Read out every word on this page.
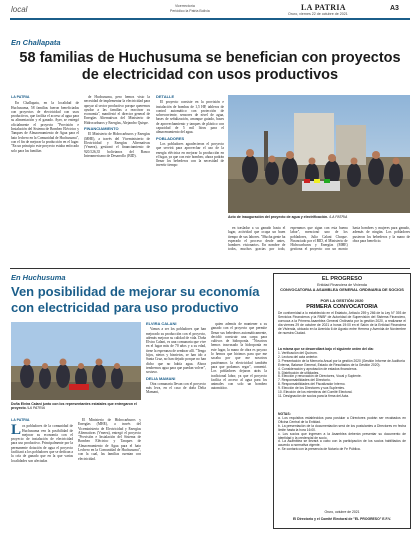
local	Vicerrectoría
Periódico la Patria Bolivia	LA PATRIA
Oruro, viernes 22 de octubre de 2021
A3
En Challapata
58 familias de Huchusuma se benefician con proyectos de electricidad con usos productivos
LA PATRIA

En Challapata, en la localidad de Huchusuma, 58 familias fueron beneficiadas con proyectos de electricidad con usos productivos, que facilita el acceso al agua para su alimentación y el ganado. Ayer, se entregó oficialmente el proyecto "Provisión e Instalación del Sistema de Bombeo Eléctrico y Tanques de Almacenamiento de Agua para el hato lechero en la Comunidad de Huchusuma", con el fin de mejorar la producción en el lugar. "En un principio este proyecto estaba enfocado solo para las familias

de Huchusuma, pero hemos visto la necesidad de implementar la electricidad para apoyar al sector productivo porque queremos ayudar a las familias a reactivar su economía", manifestó el director general de Energías Alternativas del Ministerio de Hidrocarburos y Energías, Alejandro Quispe.

FINANCIAMIENTO

El Ministerio de Hidrocarburos y Energías (MHE), a través del Viceministerio de Electricidad y Energías Alternativas (Vmeea), gestionó el financiamiento de 920.526,35 bolivianos del Banco Interamericano de Desarrollo (BID).

DETALLE

El proyecto consiste en la provisión e instalación de bombas de 1,5 HP, tableros de control automático con protección de sobrecorriente, sensores de nivel de agua, bases de señalización, arranque guiado, bases de aprovechamiento y tanques de plástico con capacidad de 5 mil litros para el almacenamiento del agua.

POBLADORES

Los pobladores agradecieron el proyecto que servirá para aprovechar el uso de la energía eléctrica en mejorar la producción en el lugar, ya que con este bombeo, ahora podrán llenar los bebederos con la necesidad de invertir tiempo

Acto de inauguración del proyecto de agua y electrificación. /LA PATRIA

en trasladar a su ganado hasta el lugar, actividad que ocupa un buen tiempo de sus labores. "Mucha gente ha esperado el proceso desde antes, hombres visionarios. En nombre de todos, muchos gracias por todo, esperamos que sigan con esta buena labor", mencionó uno de los pobladores, Julio Calani Choque. Financiado por el BID, el Ministerio de Hidrocarburos y Energías (MHE) gestiona el proyecto con un monto hasta hombres y mujeres para ganado, además de ningún. Los pobladores pusieron los bebederos y la mano de obra para beneficio.

En Huchusuma
Ven posibilidad de mejorar su economía con electricidad para uso productivo
Doña Elvira Calani junto con los representantes estatales que entregaron el proyecto /LA PATRIA
LA PATRIA
L os pobladores de la comunidad de Huchusuma ven la posibilidad de mejorar su economía con el proyecto de instalación de electricidad para uso productivo. Principalmente por la permanente dotación de agua el proyecto facilitará a los pobladores que se dedican a la cría de ganado que en la que varias localidades son afectadas

El Ministerio de Hidrocarburos y Energías (MHE), a través del Viceministerio de Electricidad y Energías Alternativas (Vmeea), entregó el proyecto "Provisión e Instalación del Sistema de Bombeo Eléctrico y Tanques de Almacenamiento de Agua para el hato Lechero en la Comunidad de Huchusuma", con la cual, las familias cuentan con electricidad.

ELVIRA CALANI

Vamos a ser los pobladores que han mejorado su producción con el proyecto, además mejorar su calidad de vida. Doña Elvira Calani, es una comunaria que vive en el lugar más de 70 años y a su edad, tiene la esperanza de sembrar allí. "Tengo hijos, nietos y bisnietos, se han ido a Santa Cruz, no han dejado porque no han dicho que no había agua. Ahora tendremos agua para que puedan volver", sostuvo.

DELIA MAMANI

Otra comunaria llevan con el proyecto más leva, en el caso de doña Delia Mamani,

quien además de mantener a su ganado con el proyecto que permite llenar sus bebederos automáticamente, decidió construir una carpa para cultivos de hidroponía. "Nosotros hemos trasvasado la hidroponía en este lugar, la mano de obra es poyoso lo hemos que hicimos para que me sacaba por que me nosotros pusiéramos la electricidad también para que podamos regar", comentó. Los pobladores dejaron atrás la tradicional labor, ya que el proyecto facilita el acceso al agua para los animales con solo un bombeo automático.

EL PROGRESO
Entidad Financiera de Vivienda
CONVOCATORIA A ASAMBLEA GENERAL ORDINARIA DE SOCIOS
POR LA GESTIÓN 2020
PRIMERA CONVOCATORIA
De conformidad a lo establecido en el Estatuto, Artículo 259 y 266 de la Ley N° 393 de Servicios Financieros y la RNBF de Autoridad de Supervisión del Sistema Financiero, convoca a la Primera Asamblea General Ordinaria por la gestión 2020, a realizarse el día viernes 29 de octubre de 2021 a horas 19:00 en el Salón de la Entidad Financiera de Vivienda, ubicado en la Avenida 6 de Agosto entre Herrera y Avenida de Noviembre de nuestra Ciudad.
La misma que se desarrollará bajo el siguiente orden del día:
1. Verificación del Quórum.
2. Lectura del acta anterior.
3. Presentación de la Memoria Anual por la gestión 2020 (Gestión Informe de Auditoría Externa, Balance General, Estado de Resultados de la Gestión 2020).
4. Consideración y aprobación de estados financieros.
5. Distribución de utilidades.
6. Elección y renovación de Directores, Vocal y Suplente.
7. Responsabilidades del Directorio.
8. Responsabilidades del Fiscalizador Interno.
9. Elección de los Directores y sus Suplentes.
10. Elección de los miembros del Comité Electoral.
11. Designación de socios para la firma del Acta.
NOTAS:
a. Los requisitos establecidos para postular a Directores podrán ser recabados en Oficina Central de la Entidad.
b. La presentación de la documentación será de los postulantes a Directores en fecha límite hasta la hora 16:00.
c. Los socios que ingresen a la Asamblea deberán presentar su documento de identidad y la credencial de socio.
d. La Asamblea se llevará a cabo con la participación de los socios habilitados de acuerdo a normativa vigente.
e. Se contará con la presencia de Notario de Fe Pública.
Oruro, octubre de 2021
El Directorio y el Comité Electoral de "EL PROGRESO" E.F.V.
